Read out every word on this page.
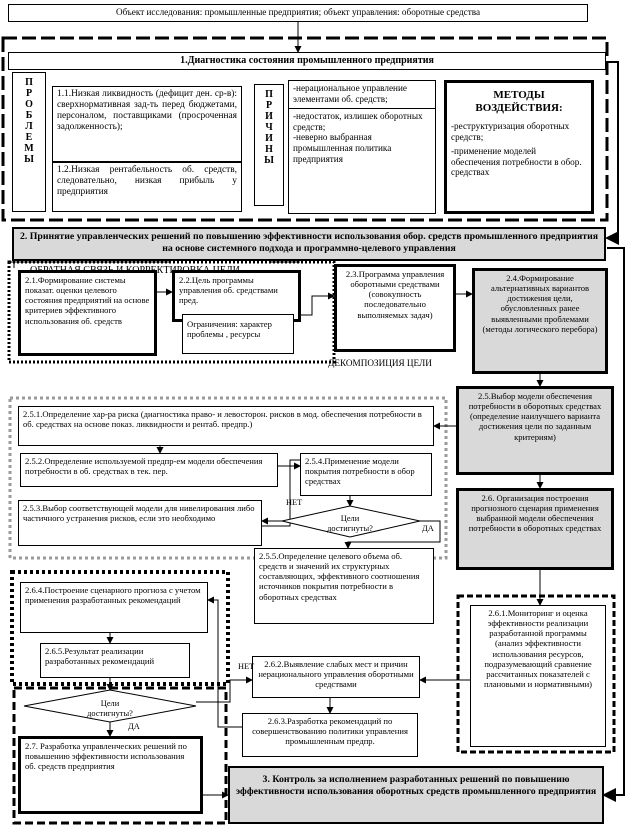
Объект исследования: промышленные предприятия; объект управления: оборотные средства
1.Диагностика состояния промышленного предприятия
П
Р
О
Б
Л
Е
М
Ы
1.1.Низкая ликвидность (дефицит ден. ср-в): сверхнормативная зад-ть перед бюджетами, персоналом, поставщиками (просроченная задолженность);
1.2.Низкая рентабельность об. средств, следовательно, низкая прибыль у предприятия
П
Р
И
Ч
И
Н
Ы
-нерациональное управление элементами об. средств;
-недостаток, излишек оборотных средств;
-неверно выбранная промышленная политика предприятия
МЕТОДЫ ВОЗДЕЙСТВИЯ:
-реструктуризация оборотных средств;
-применение моделей обеспечения потребности в обор. средствах
2. Принятие управленческих решений по повышению эффективности использования обор. средств промышленного предприятия на основе системного подхода и программно-целевого управления
КОРРЕКТИРОВКА
2.1.Формирование системы показат. оценки целевого состояния предприятий на основе критериев эффективного использования об. средств
2.2.Цель программы управления об. средствами пред.
Ограничения: характер проблемы , ресурсы
2.3.Программа управления оборотными средствами (совокупность последовательно выполняемых задач)
ДЕКОМПОЗИЦИЯ ЦЕЛИ
2.4.Формирование альтернативных вариантов достижения цели, обусловленных ранее выявленными проблемами (методы логического перебора)
2.5.Выбор модели обеспечения потребности в оборотных средствах (определение наилучшего варианта достижения цели по заданным критериям)
2.5.1.Определение хар-ра риска (диагностика право- и левосторон. рисков в мод. обеспечения потребности в об. средствах на основе показ. ликвидности и рентаб. предпр.)
2.5.2.Определение используемой предпр-ем модели обеспечения потребности в об. средствах в тек. пер.
2.5.4.Применение модели покрытия потребности в обор средствах
2.5.3.Выбор соответствующей модели для нивелирования либо частичного устранения рисков, если это необходимо	Цели достигнуты?
НЕТ
ДА
2.5.5.Определение целевого объема об. средств и значений их структурных составляющих, эффективного соотношения источников покрытия потребности в оборотных средствах
2.6. Организация построения прогнозного сценария применения выбранной модели обеспечения потребности в оборотных средствах
2.6.1.Мониторинг и оценка эффективности реализации разработанной программы (анализ эффективности использования ресурсов, подразумевающий сравнение рассчитанных показателей с плановыми и нормативными)
2.6.4.Построение сценарного прогноза с учетом применения разработанных рекомендаций
2.6.5.Результат реализации разработанных рекомендаций	2.6.2.Выявление слабых мест и причин нерационального управления оборотными средствами
2.6.3.Разработка рекомендаций по совершенствованию политики управления промышленным предпр.
Цели достигнуты?
НЕТ
ДА
2.7. Разработка управленческих решений по повышению эффективности использования об. средств предприятия
3. Контроль за исполнением разработанных решений по повышению эффективности использования оборотных средств промышленного предприятия
